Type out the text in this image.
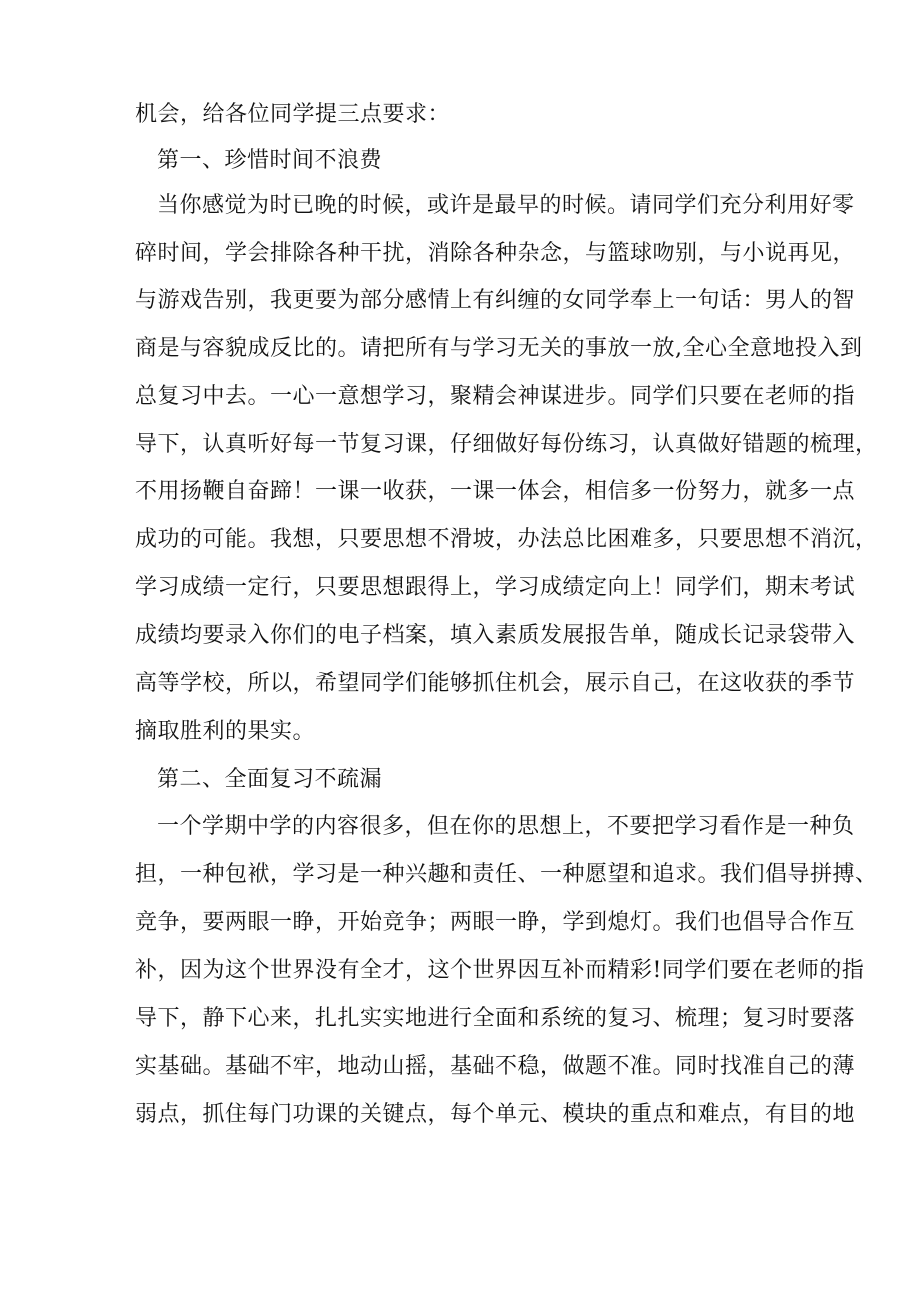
机会，给各位同学提三点要求：
第一、珍惜时间不浪费
当你感觉为时已晚的时候，或许是最早的时候。请同学们充分利用好零
碎时间，学会排除各种干扰，消除各种杂念，与篮球吻别，与小说再见，
与游戏告别，我更要为部分感情上有纠缠的女同学奉上一句话：男人的智
商是与容貌成反比的。请把所有与学习无关的事放一放,全心全意地投入到
总复习中去。一心一意想学习，聚精会神谋进步。同学们只要在老师的指
导下，认真听好每一节复习课，仔细做好每份练习，认真做好错题的梳理，
不用扬鞭自奋蹄！一课一收获，一课一体会，相信多一份努力，就多一点
成功的可能。我想，只要思想不滑坡，办法总比困难多，只要思想不消沉，
学习成绩一定行，只要思想跟得上，学习成绩定向上！同学们，期末考试
成绩均要录入你们的电子档案，填入素质发展报告单，随成长记录袋带入
高等学校，所以，希望同学们能够抓住机会，展示自己，在这收获的季节
摘取胜利的果实。
第二、全面复习不疏漏
一个学期中学的内容很多，但在你的思想上，不要把学习看作是一种负
担，一种包袱，学习是一种兴趣和责任、一种愿望和追求。我们倡导拼搏、
竞争，要两眼一睁，开始竞争；两眼一睁，学到熄灯。我们也倡导合作互
补，因为这个世界没有全才，这个世界因互补而精彩!同学们要在老师的指
导下，静下心来，扎扎实实地进行全面和系统的复习、梳理；复习时要落
实基础。基础不牢，地动山摇，基础不稳，做题不准。同时找准自己的薄
弱点，抓住每门功课的关键点，每个单元、模块的重点和难点，有目的地
